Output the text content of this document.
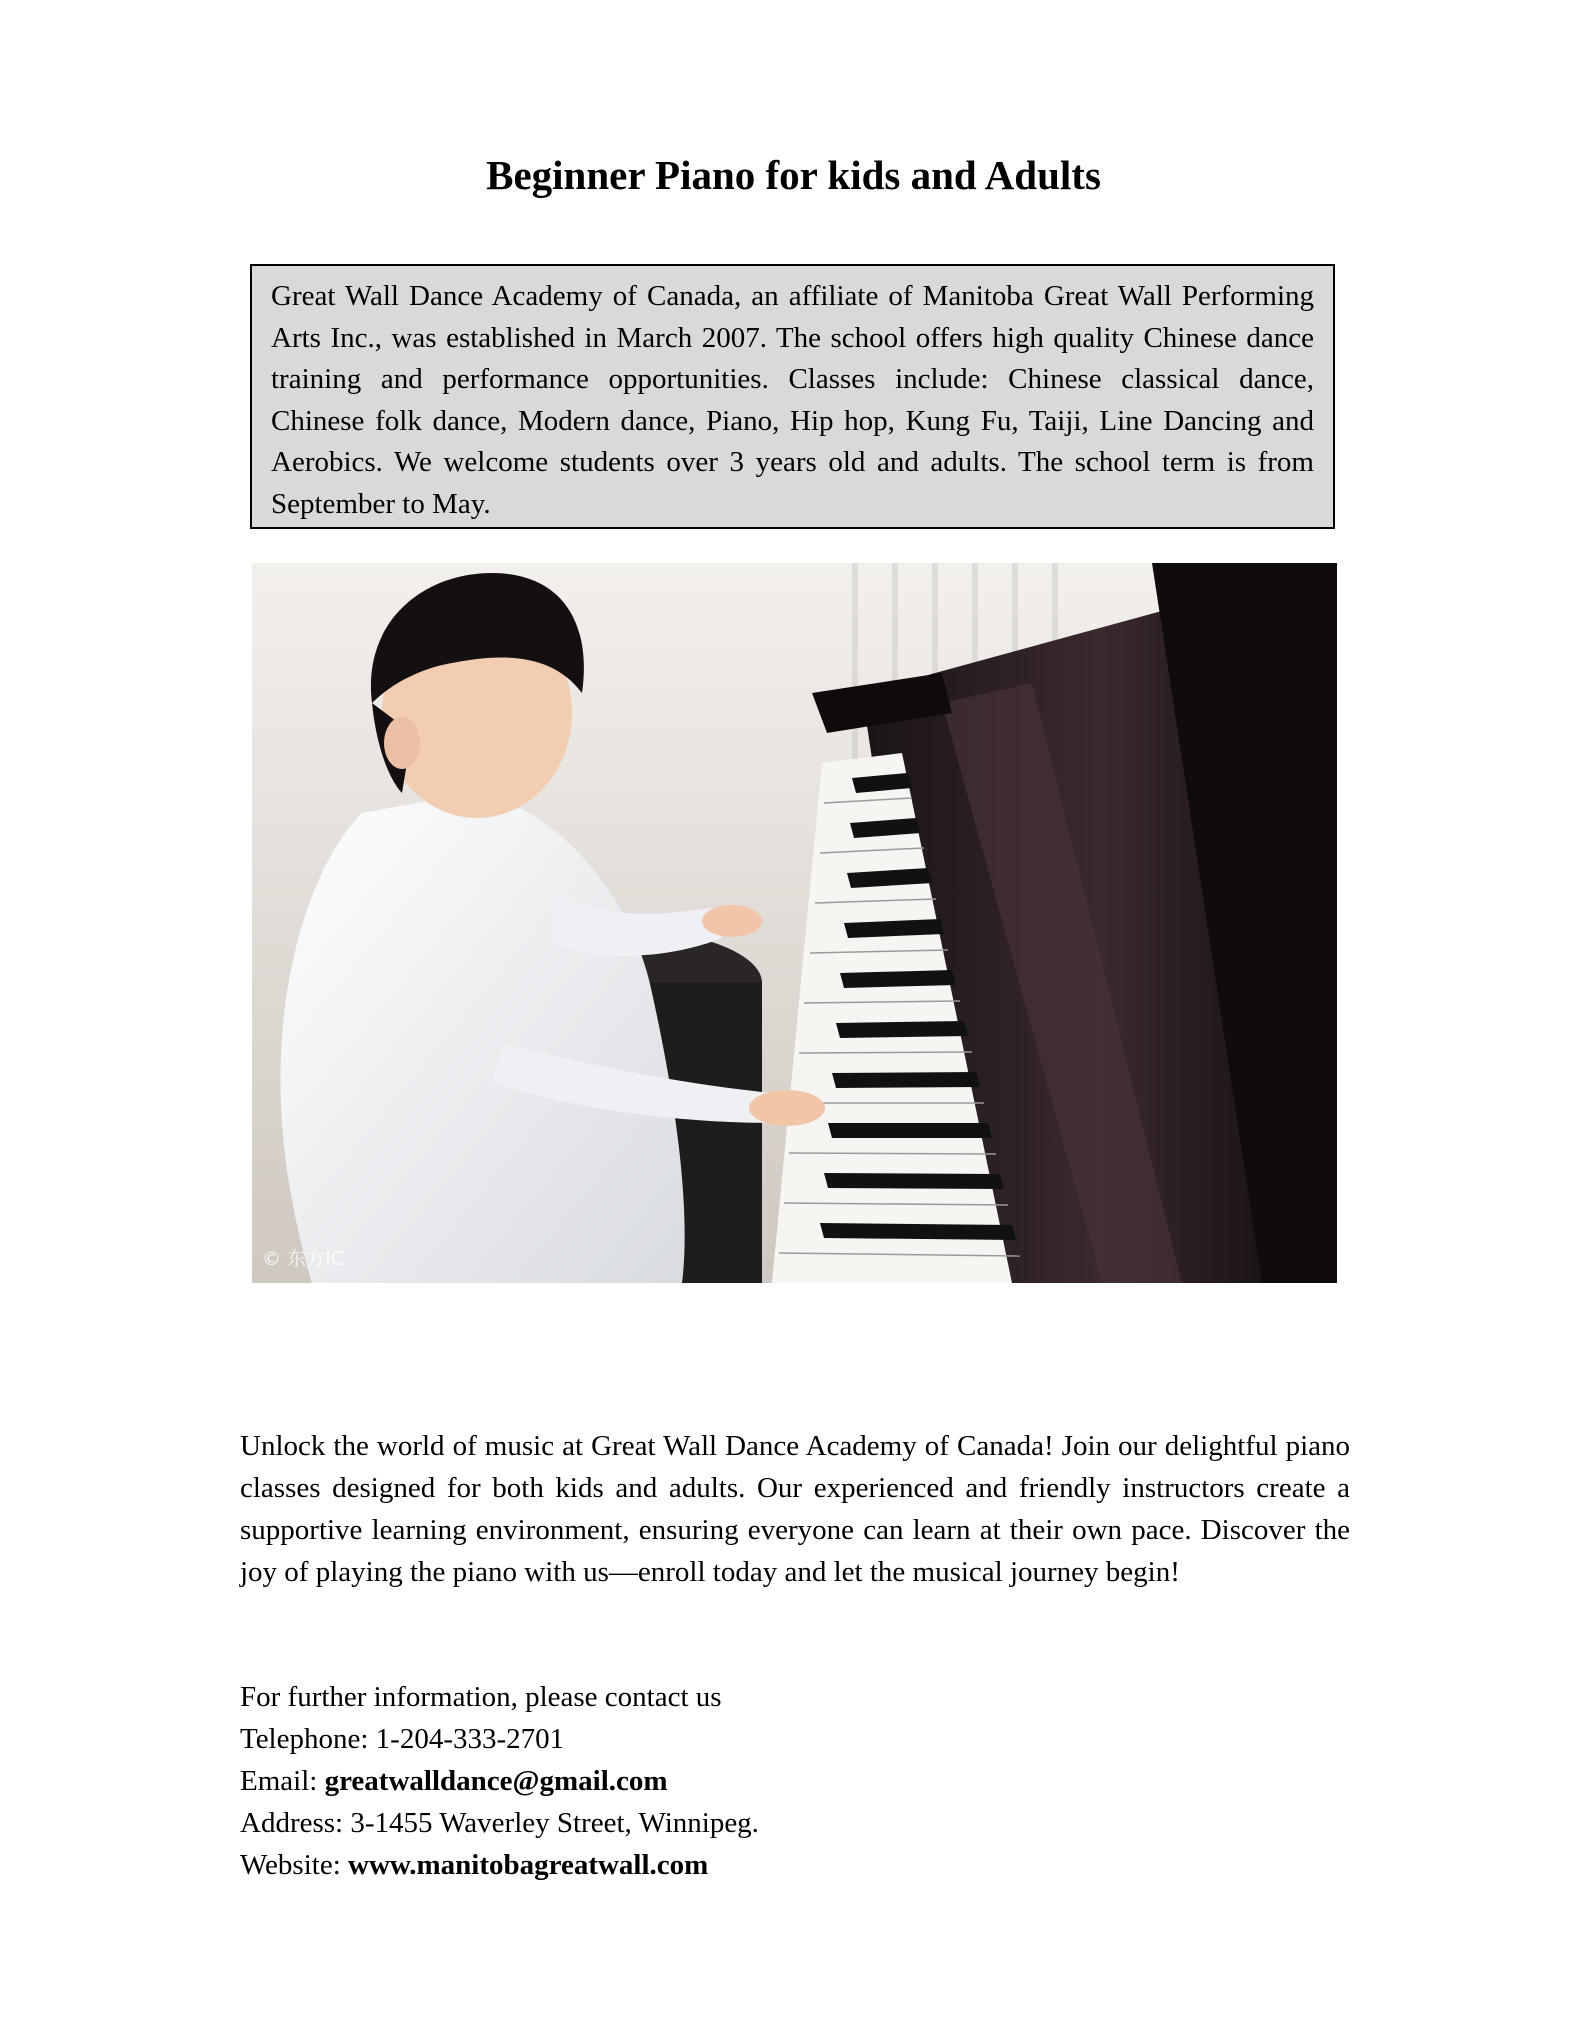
Beginner Piano for kids and Adults

Great Wall Dance Academy of Canada, an affiliate of Manitoba Great Wall Performing Arts Inc., was established in March 2007. The school offers high quality Chinese dance training and performance opportunities. Classes include: Chinese classical dance, Chinese folk dance, Modern dance, Piano, Hip hop, Kung Fu, Taiji, Line Dancing and Aerobics. We welcome students over 3 years old and adults. The school term is from September to May.

© 东方IC

Unlock the world of music at Great Wall Dance Academy of Canada! Join our delightful piano classes designed for both kids and adults. Our experienced and friendly instructors create a supportive learning environment, ensuring everyone can learn at their own pace. Discover the joy of playing the piano with us—enroll today and let the musical journey begin!

For further information, please contact us
Telephone: 1-204-333-2701
Email: greatwalldance@gmail.com
Address: 3-1455 Waverley Street, Winnipeg.
Website: www.manitobagreatwall.com
